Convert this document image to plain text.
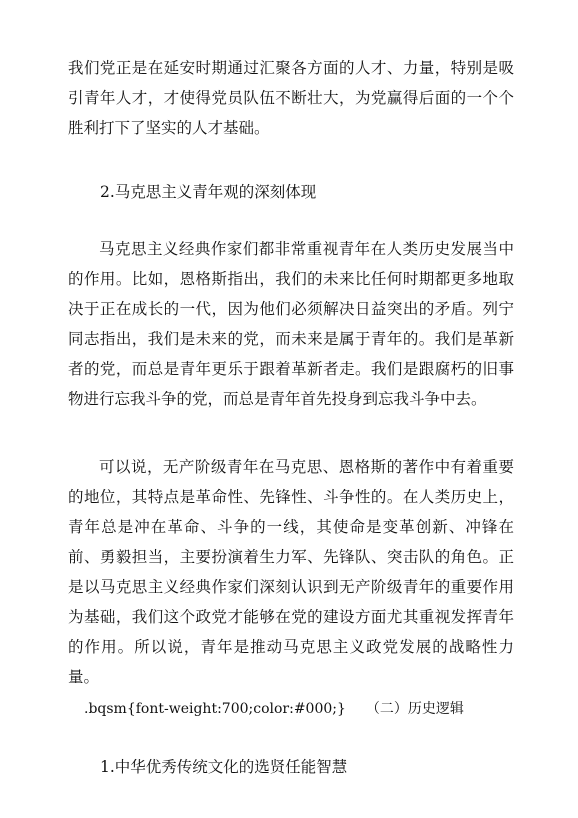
我们党正是在延安时期通过汇聚各方面的人才、力量，特别是吸引青年人才，才使得党员队伍不断壮大，为党赢得后面的一个个胜利打下了坚实的人才基础。

2.马克思主义青年观的深刻体现

马克思主义经典作家们都非常重视青年在人类历史发展当中的作用。比如，恩格斯指出，我们的未来比任何时期都更多地取决于正在成长的一代，因为他们必须解决日益突出的矛盾。列宁同志指出，我们是未来的党，而未来是属于青年的。我们是革新者的党，而总是青年更乐于跟着革新者走。我们是跟腐朽的旧事物进行忘我斗争的党，而总是青年首先投身到忘我斗争中去。

可以说，无产阶级青年在马克思、恩格斯的著作中有着重要的地位，其特点是革命性、先锋性、斗争性的。在人类历史上，青年总是冲在革命、斗争的一线，其使命是变革创新、冲锋在前、勇毅担当，主要扮演着生力军、先锋队、突击队的角色。正是以马克思主义经典作家们深刻认识到无产阶级青年的重要作用为基础，我们这个政党才能够在党的建设方面尤其重视发挥青年的作用。所以说，青年是推动马克思主义政党发展的战略性力量。

.bqsm{font-weight:700;color:#000;} （二）历史逻辑

1.中华优秀传统文化的选贤任能智慧
